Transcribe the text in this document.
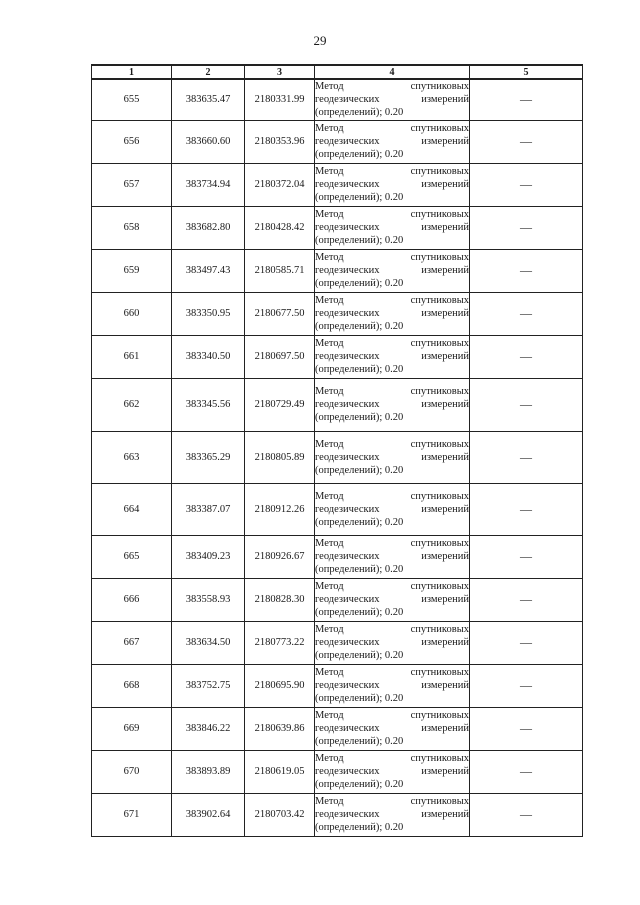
29
1	2	3	4	5
655	383635.47	2180331.99	Метод спутниковых
геодезических измерений
(определений); 0.20	—
656	383660.60	2180353.96	Метод спутниковых
геодезических измерений
(определений); 0.20	—
657	383734.94	2180372.04	Метод спутниковых
геодезических измерений
(определений); 0.20	—
658	383682.80	2180428.42	Метод спутниковых
геодезических измерений
(определений); 0.20	—
659	383497.43	2180585.71	Метод спутниковых
геодезических измерений
(определений); 0.20	—
660	383350.95	2180677.50	Метод спутниковых
геодезических измерений
(определений); 0.20	—
661	383340.50	2180697.50	Метод спутниковых
геодезических измерений
(определений); 0.20	—
662	383345.56	2180729.49	Метод спутниковых
геодезических измерений
(определений); 0.20	—
663	383365.29	2180805.89	Метод спутниковых
геодезических измерений
(определений); 0.20	—
664	383387.07	2180912.26	Метод спутниковых
геодезических измерений
(определений); 0.20	—
665	383409.23	2180926.67	Метод спутниковых
геодезических измерений
(определений); 0.20	—
666	383558.93	2180828.30	Метод спутниковых
геодезических измерений
(определений); 0.20	—
667	383634.50	2180773.22	Метод спутниковых
геодезических измерений
(определений); 0.20	—
668	383752.75	2180695.90	Метод спутниковых
геодезических измерений
(определений); 0.20	—
669	383846.22	2180639.86	Метод спутниковых
геодезических измерений
(определений); 0.20	—
670	383893.89	2180619.05	Метод спутниковых
геодезических измерений
(определений); 0.20	—
671	383902.64	2180703.42	Метод спутниковых
геодезических измерений
(определений); 0.20	—
